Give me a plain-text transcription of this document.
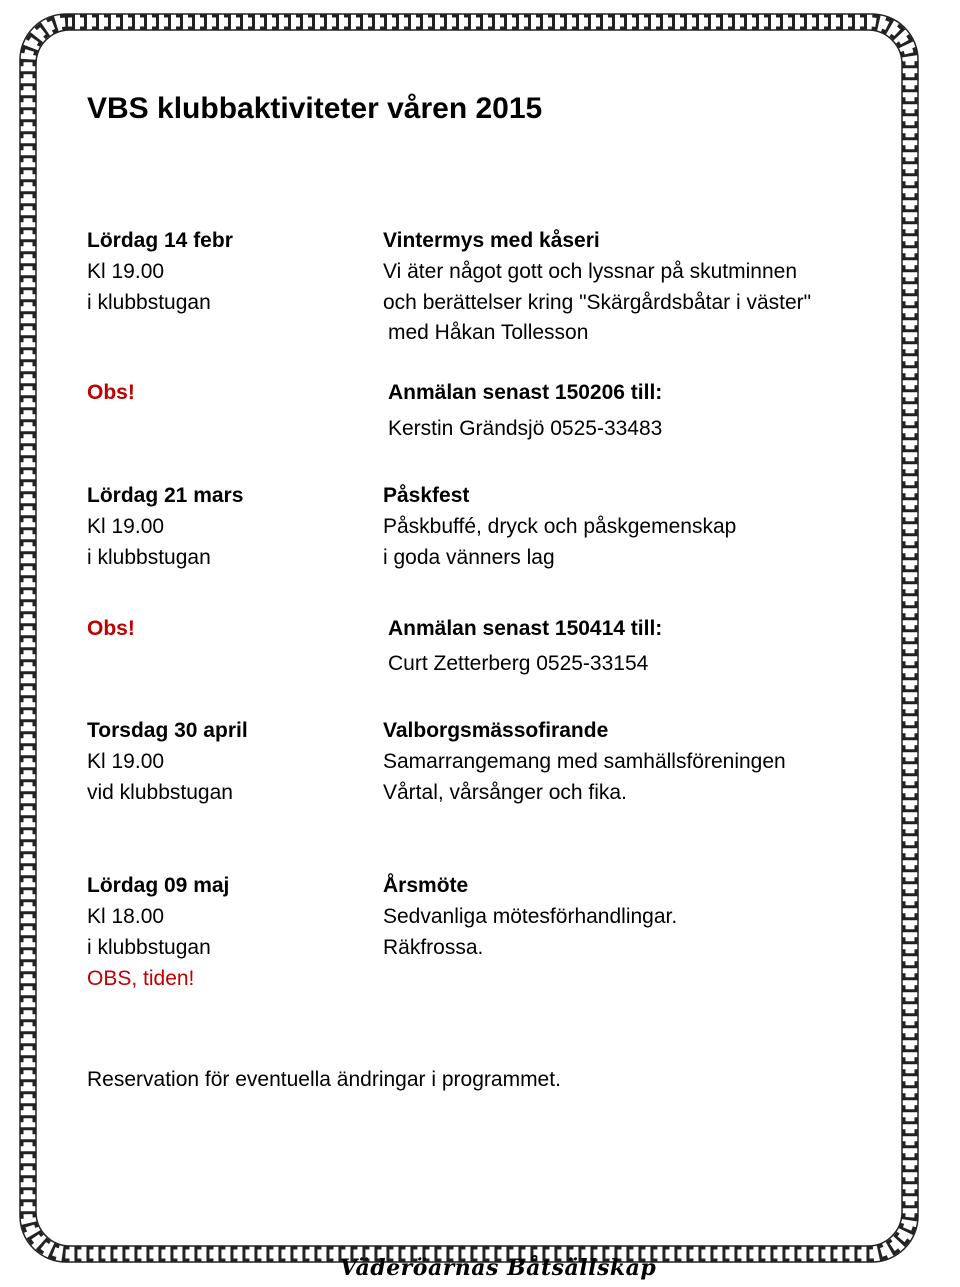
VBS klubbaktiviteter våren 2015
Lördag 14 febr
Kl 19.00
i klubbstugan
Vintermys med kåseri
Vi äter något gott och lyssnar på skutminnen
och berättelser kring "Skärgårdsbåtar i väster"
med Håkan Tollesson
Obs!	Anmälan senast 150206 till:
Kerstin Grändsjö 0525-33483
Lördag 21 mars
Kl 19.00
i klubbstugan
Påskfest
Påskbuffé, dryck och påskgemenskap
i goda vänners lag
Obs!	Anmälan senast 150414 till:
Curt Zetterberg 0525-33154
Torsdag 30 april
Kl 19.00
vid klubbstugan
Valborgsmässofirande
Samarrangemang med samhällsföreningen
Vårtal, vårsånger och fika.
Lördag 09 maj
Kl 18.00
i klubbstugan
OBS, tiden!
Årsmöte
Sedvanliga mötesförhandlingar.
Räkfrossa.
Reservation för eventuella ändringar i programmet.
Väderöarnas Båtsällskap
